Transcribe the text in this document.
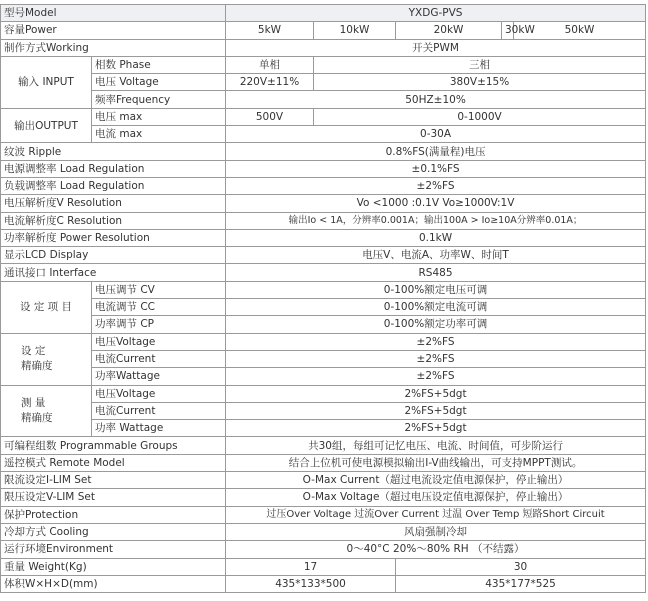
型号Model		YXDG-PVS				
容量Power		5kW	10kW	20kW	30kW	50kW
制作方式Working		开关PWM				
输入 INPUT	相数 Phase	单相	三相			
	电压 Voltage	220V±11%	380V±15%			
	频率Frequency	50HZ±10%				
输出OUTPUT	电压 max	500V	0-1000V			
	电流 max	0-30A				
纹波 Ripple		0.8%FS(满量程)电压				
电源调整率 Load Regulation		±0.1%FS				
负载调整率 Load Regulation		±2%FS				
电压解析度V Resolution		Vo <1000 :0.1V Vo≥1000V:1V				
电流解析度C Resolution		输出Io < 1A，分辨率0.001A；输出100A > Io≥10A分辨率0.01A；				
功率解析度 Power Resolution		0.1kW				
显示LCD Display		电压V、电流A、功率W、时间T				
通讯接口 Interface		RS485				
设 定 项 目	电压调节 CV	0-100%额定电压可调				
	电流调节 CC	0-100%额定电流可调				
	功率调节 CP	0-100%额定功率可调				

设 定
精确度	电压Voltage	±2%FS				
	电流Current	±2%FS				
	功率Wattage	±2%FS				

测 量
精确度	电压Voltage	2%FS+5dgt				
	电流Current	2%FS+5dgt				
	功率 Wattage	2%FS+5dgt				
可编程组数 Programmable Groups		共30组，每组可记忆电压、电流、时间值，可步阶运行				
遥控模式 Remote Model		结合上位机可使电源模拟输出I-V曲线输出，可支持MPPT测试。				
限流设定I-LIM Set		O-Max Current（超过电流设定值电源保护，停止输出）				
限压设定V-LIM Set		O-Max Voltage（超过电压设定值电源保护，停止输出）				
保护Protection		过压Over Voltage 过流Over Current 过温 Over Temp 短路Short Circuit				
冷却方式 Cooling		风扇强制冷却				
运行环境Environment		0～40°C 20%～80% RH （不结露）				
重量 Weight(Kg)		17		30		
体积W×H×D(mm)		435*133*500		435*177*525		
